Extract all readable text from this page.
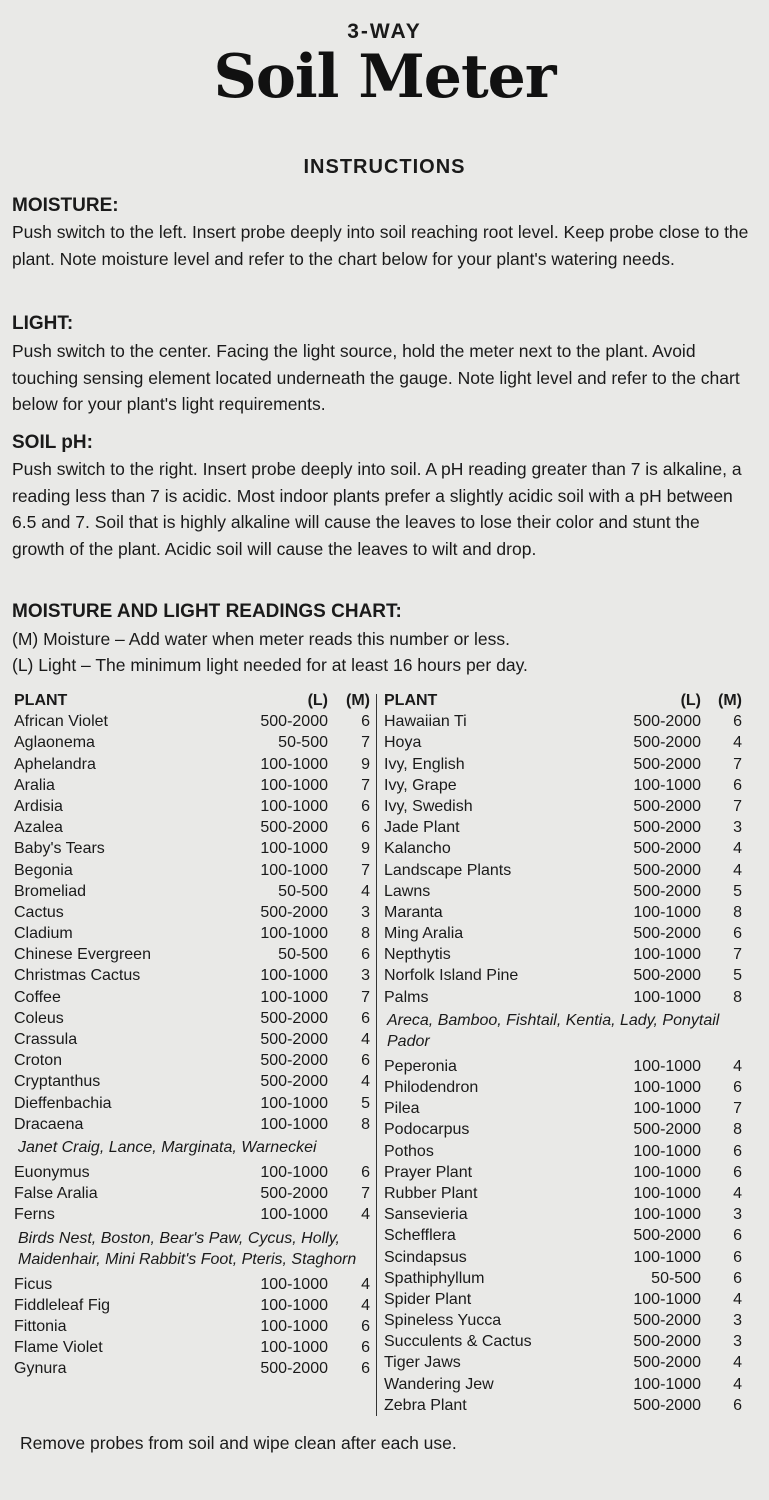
3-WAY
Soil Meter
INSTRUCTIONS
MOISTURE:
Push switch to the left. Insert probe deeply into soil reaching root level. Keep probe close to the plant. Note moisture level and refer to the chart below for your plant's watering needs.
LIGHT:
Push switch to the center. Facing the light source, hold the meter next to the plant. Avoid touching sensing element located underneath the gauge. Note light level and refer to the chart below for your plant's light requirements.
SOIL pH:
Push switch to the right. Insert probe deeply into soil. A pH reading greater than 7 is alkaline, a reading less than 7 is acidic. Most indoor plants prefer a slightly acidic soil with a pH between 6.5 and 7. Soil that is highly alkaline will cause the leaves to lose their color and stunt the growth of the plant. Acidic soil will cause the leaves to wilt and drop.
MOISTURE AND LIGHT READINGS CHART:
(M) Moisture – Add water when meter reads this number or less.
(L) Light – The minimum light needed for at least 16 hours per day.
PLANT	(L)	(M)
African Violet	500-2000	6
Aglaonema	50-500	7
Aphelandra	100-1000	9
Aralia	100-1000	7
Ardisia	100-1000	6
Azalea	500-2000	6
Baby's Tears	100-1000	9
Begonia	100-1000	7
Bromeliad	50-500	4
Cactus	500-2000	3
Cladium	100-1000	8
Chinese Evergreen	50-500	6
Christmas Cactus	100-1000	3
Coffee	100-1000	7
Coleus	500-2000	6
Crassula	500-2000	4
Croton	500-2000	6
Cryptanthus	500-2000	4
Dieffenbachia	100-1000	5
Dracaena	100-1000	8
Janet Craig, Lance, Marginata, Warneckei
Euonymus	100-1000	6
False Aralia	500-2000	7
Ferns	100-1000	4
Birds Nest, Boston, Bear's Paw, Cycus, Holly, Maidenhair, Mini Rabbit's Foot, Pteris, Staghorn
Ficus	100-1000	4
Fiddleleaf Fig	100-1000	4
Fittonia	100-1000	6
Flame Violet	100-1000	6
Gynura	500-2000	6
PLANT	(L)	(M)
Hawaiian Ti	500-2000	6
Hoya	500-2000	4
Ivy, English	500-2000	7
Ivy, Grape	100-1000	6
Ivy, Swedish	500-2000	7
Jade Plant	500-2000	3
Kalancho	500-2000	4
Landscape Plants	500-2000	4
Lawns	500-2000	5
Maranta	100-1000	8
Ming Aralia	500-2000	6
Nepthytis	100-1000	7
Norfolk Island Pine	500-2000	5
Palms	100-1000	8
Areca, Bamboo, Fishtail, Kentia, Lady, Ponytail Pador
Peperonia	100-1000	4
Philodendron	100-1000	6
Pilea	100-1000	7
Podocarpus	500-2000	8
Pothos	100-1000	6
Prayer Plant	100-1000	6
Rubber Plant	100-1000	4
Sansevieria	100-1000	3
Schefflera	500-2000	6
Scindapsus	100-1000	6
Spathiphyllum	50-500	6
Spider Plant	100-1000	4
Spineless Yucca	500-2000	3
Succulents & Cactus	500-2000	3
Tiger Jaws	500-2000	4
Wandering Jew	100-1000	4
Zebra Plant	500-2000	6
Remove probes from soil and wipe clean after each use.
